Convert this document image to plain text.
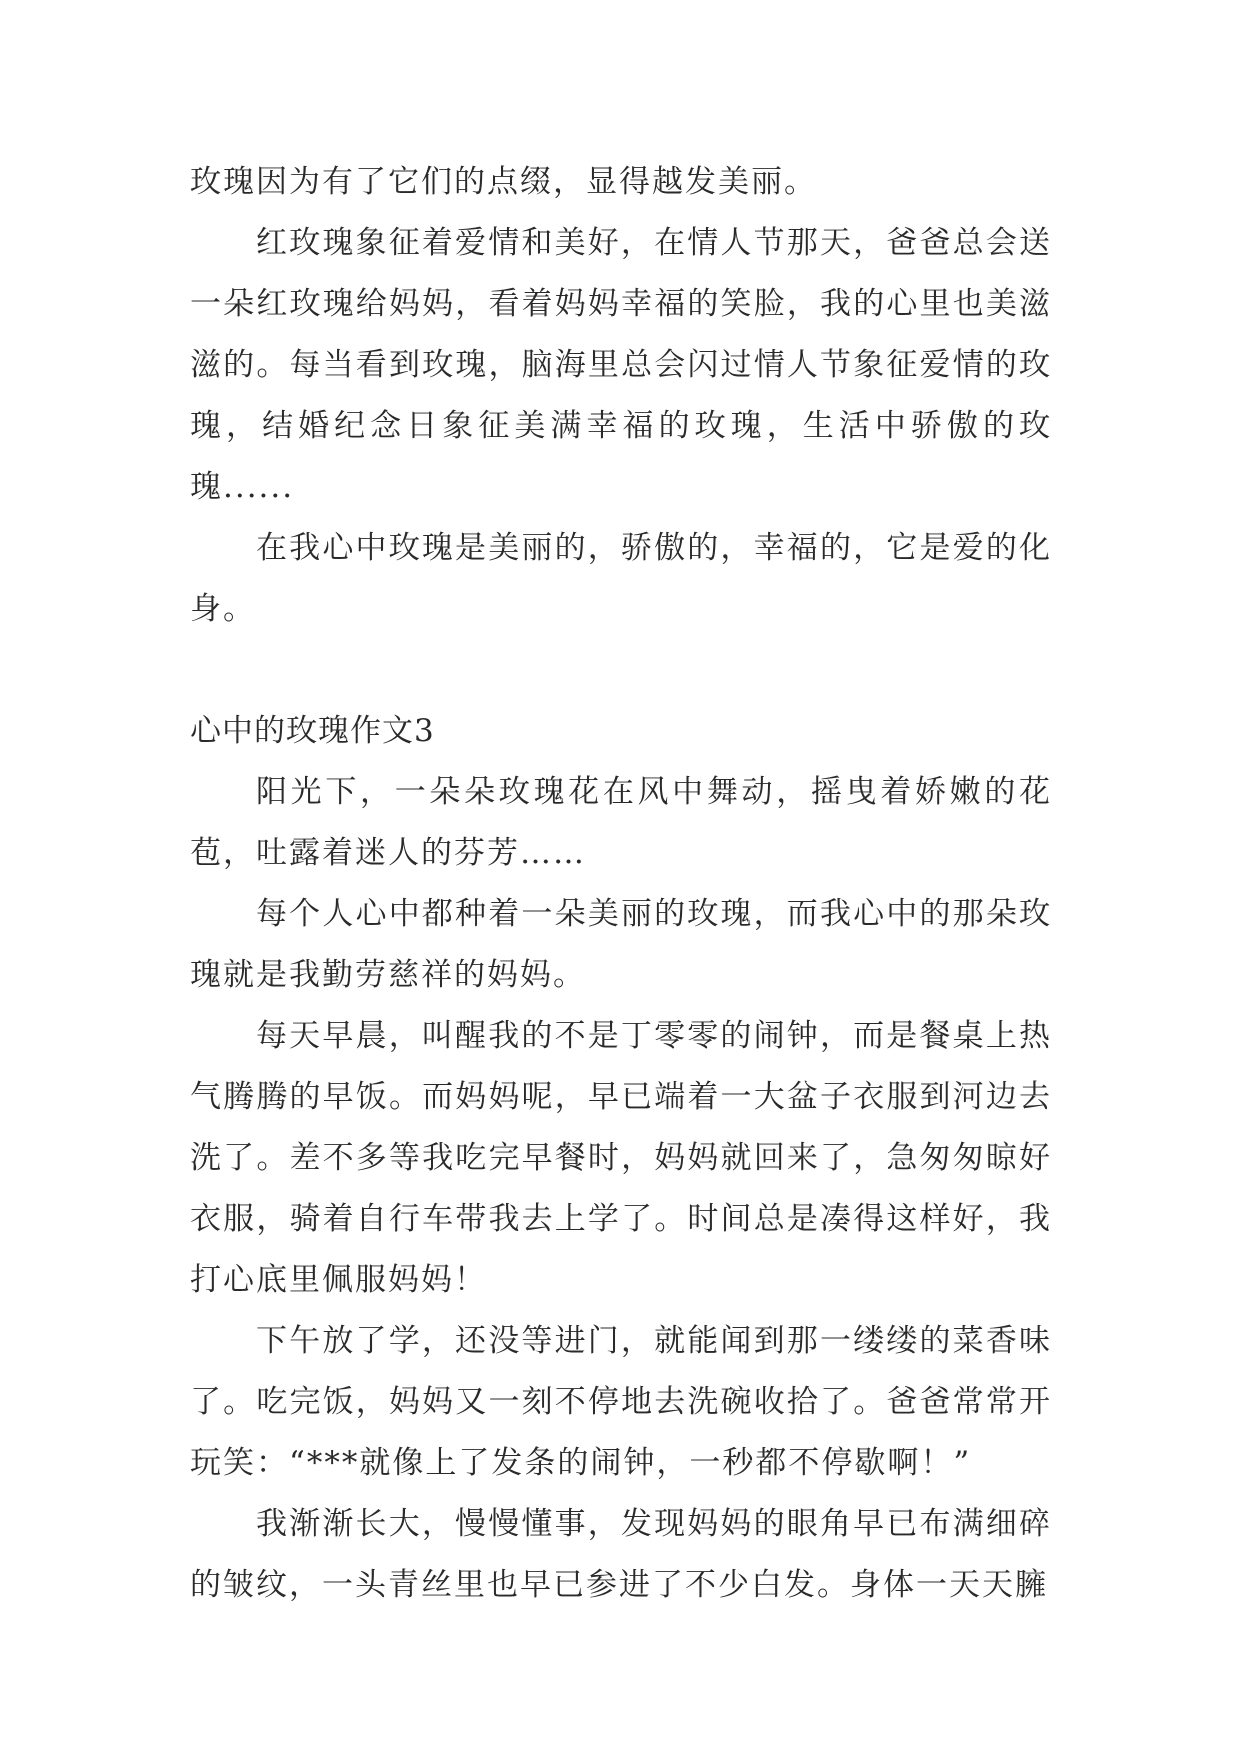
玫瑰因为有了它们的点缀，显得越发美丽。

红玫瑰象征着爱情和美好，在情人节那天，爸爸总会送一朵红玫瑰给妈妈，看着妈妈幸福的笑脸，我的心里也美滋滋的。每当看到玫瑰，脑海里总会闪过情人节象征爱情的玫瑰，结婚纪念日象征美满幸福的玫瑰，生活中骄傲的玫瑰......

在我心中玫瑰是美丽的，骄傲的，幸福的，它是爱的化身。

心中的玫瑰作文3

阳光下，一朵朵玫瑰花在风中舞动，摇曳着娇嫩的花苞，吐露着迷人的芬芳……

每个人心中都种着一朵美丽的玫瑰，而我心中的那朵玫瑰就是我勤劳慈祥的妈妈。

每天早晨，叫醒我的不是丁零零的闹钟，而是餐桌上热气腾腾的早饭。而妈妈呢，早已端着一大盆子衣服到河边去洗了。差不多等我吃完早餐时，妈妈就回来了，急匆匆晾好衣服，骑着自行车带我去上学了。时间总是凑得这样好，我打心底里佩服妈妈！

下午放了学，还没等进门，就能闻到那一缕缕的菜香味了。吃完饭，妈妈又一刻不停地去洗碗收拾了。爸爸常常开玩笑：“***就像上了发条的闹钟，一秒都不停歇啊！”

我渐渐长大，慢慢懂事，发现妈妈的眼角早已布满细碎的皱纹，一头青丝里也早已参进了不少白发。身体一天天臃
